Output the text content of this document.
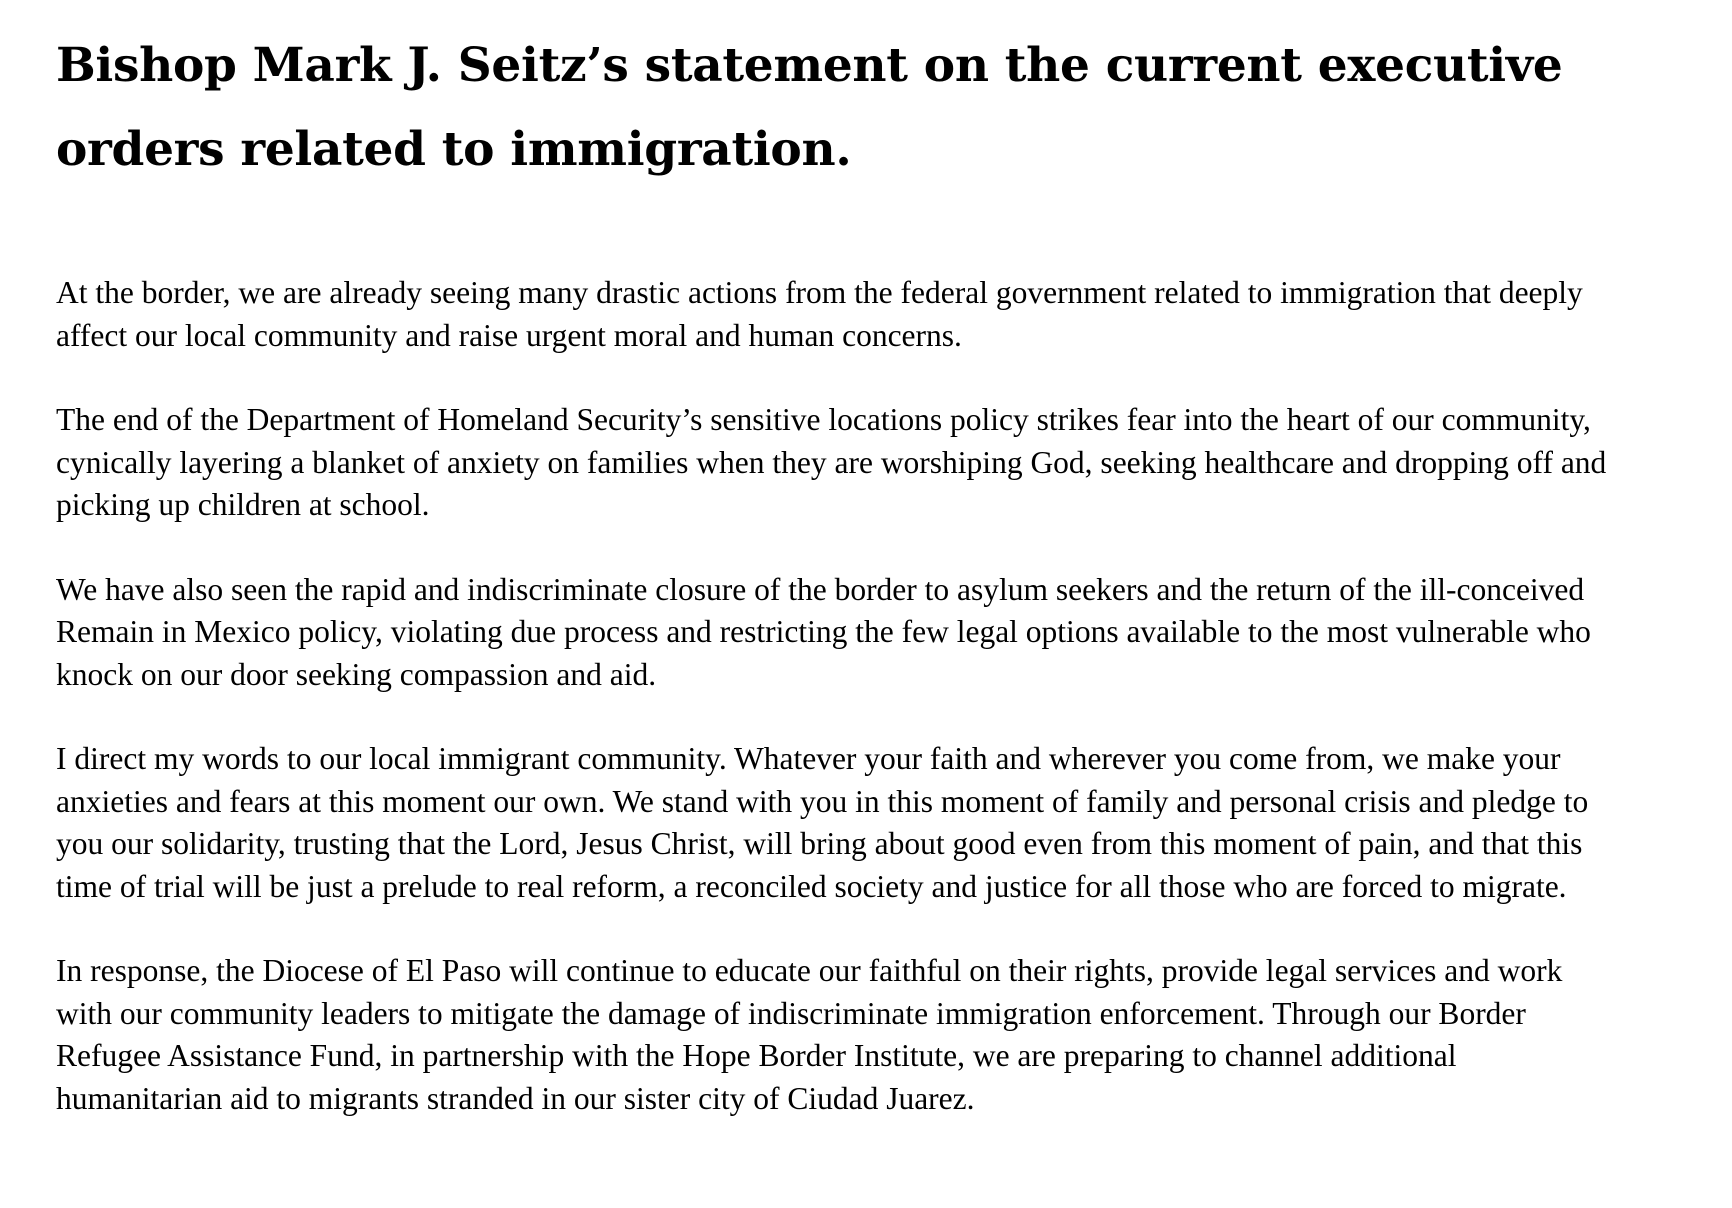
Bishop Mark J. Seitz’s statement on the current executive orders related to immigration.

At the border, we are already seeing many drastic actions from the federal government related to immigration that deeply affect our local community and raise urgent moral and human concerns.

The end of the Department of Homeland Security’s sensitive locations policy strikes fear into the heart of our community, cynically layering a blanket of anxiety on families when they are worshiping God, seeking healthcare and dropping off and picking up children at school.

We have also seen the rapid and indiscriminate closure of the border to asylum seekers and the return of the ill-conceived Remain in Mexico policy, violating due process and restricting the few legal options available to the most vulnerable who knock on our door seeking compassion and aid.

I direct my words to our local immigrant community. Whatever your faith and wherever you come from, we make your anxieties and fears at this moment our own. We stand with you in this moment of family and personal crisis and pledge to you our solidarity, trusting that the Lord, Jesus Christ, will bring about good even from this moment of pain, and that this time of trial will be just a prelude to real reform, a reconciled society and justice for all those who are forced to migrate.

In response, the Diocese of El Paso will continue to educate our faithful on their rights, provide legal services and work with our community leaders to mitigate the damage of indiscriminate immigration enforcement. Through our Border Refugee Assistance Fund, in partnership with the Hope Border Institute, we are preparing to channel additional humanitarian aid to migrants stranded in our sister city of Ciudad Juarez.
